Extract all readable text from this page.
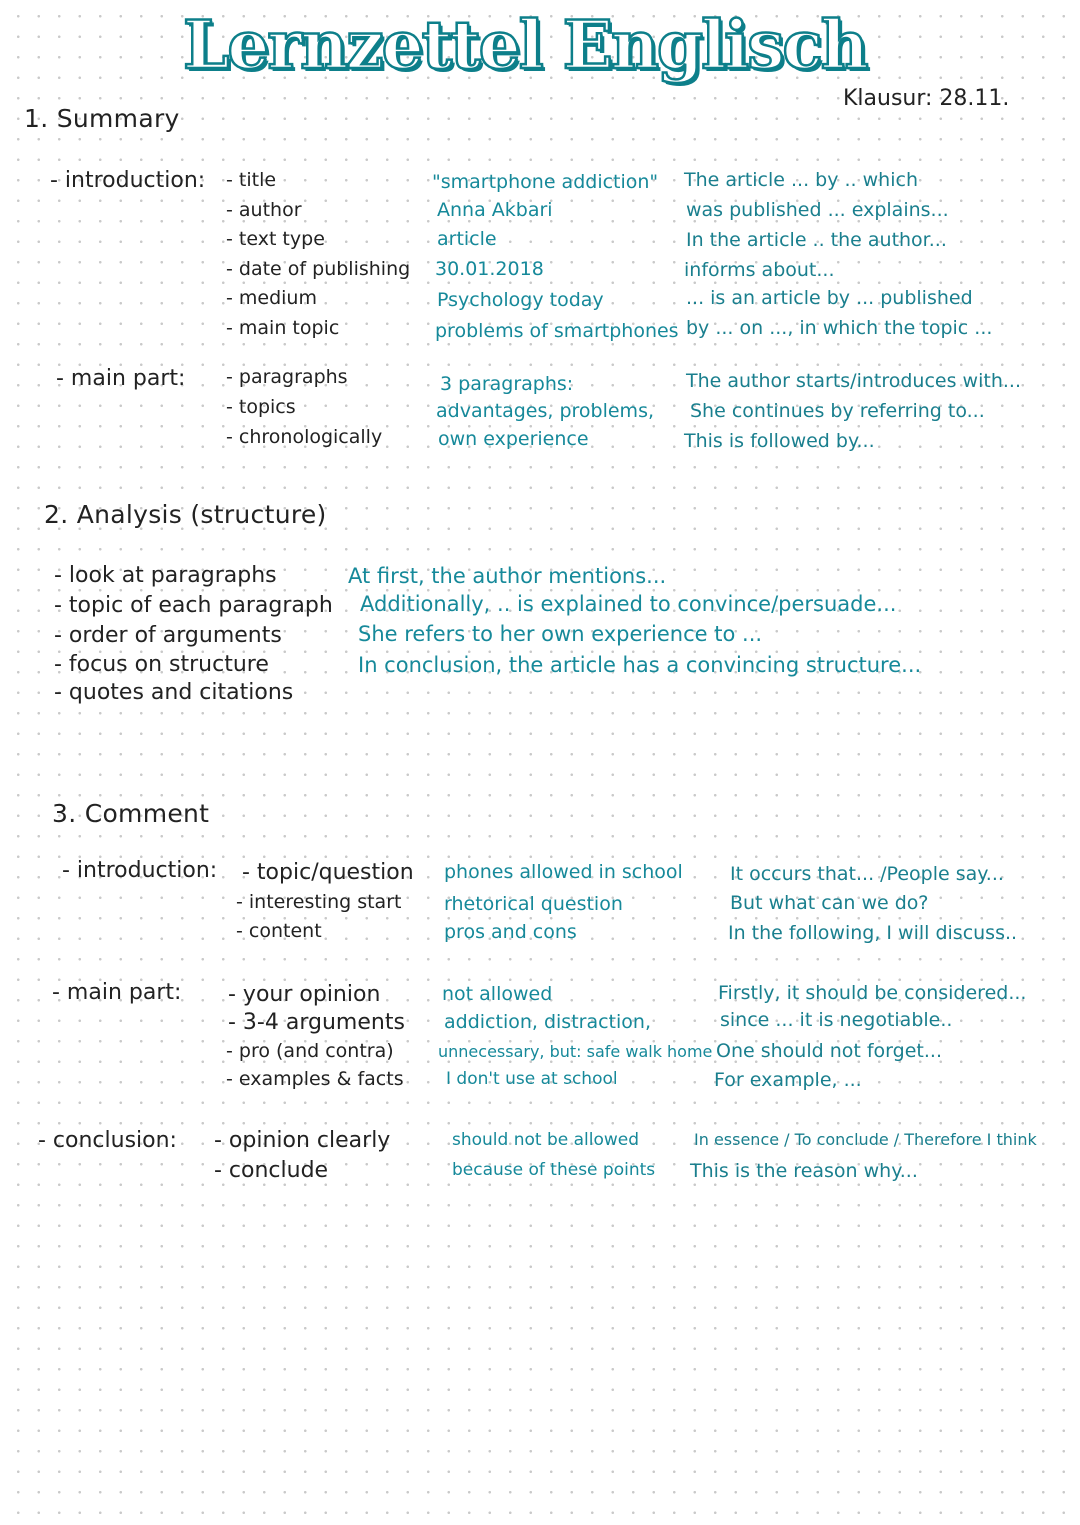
Lernzettel Englisch
Klausur: 28.11.
1. Summary
- introduction: - title
- author
- text type
- date of publishing
- medium
- main topic
"smartphone addiction"
Anna Akbari
article
30.01.2018
Psychology today
problems of smartphones
The article ... by .. which
was published ... explains...
In the article .. the author...
informs about...
... is an article by ... published
by ... on ..., in which the topic ...
- main part: - paragraphs
- topics
- chronologically
3 paragraphs:
advantages, problems,
own experience
The author starts/introduces with...
She continues by referring to...
This is followed by...
2. Analysis (structure)
- look at paragraphs
- topic of each paragraph
- order of arguments
- focus on structure
- quotes and citations
At first, the author mentions...
Additionally, .. is explained to convince/persuade...
She refers to her own experience to ...
In conclusion, the article has a convincing structure...
3. Comment
- introduction: - topic/question
- interesting start
- content
phones allowed in school
rhetorical question
pros and cons
It occurs that... /People say...
But what can we do?
In the following, I will discuss..
- main part: - your opinion
- 3-4 arguments
- pro (and contra)
- examples & facts
not allowed
addiction, distraction,
unnecessary, but: safe walk home
I don't use at school
Firstly, it should be considered...
since ... it is negotiable..
One should not forget...
For example, ...
- conclusion: - opinion clearly
- conclude
should not be allowed
because of these points
In essence / To conclude / Therefore I think
This is the reason why...
